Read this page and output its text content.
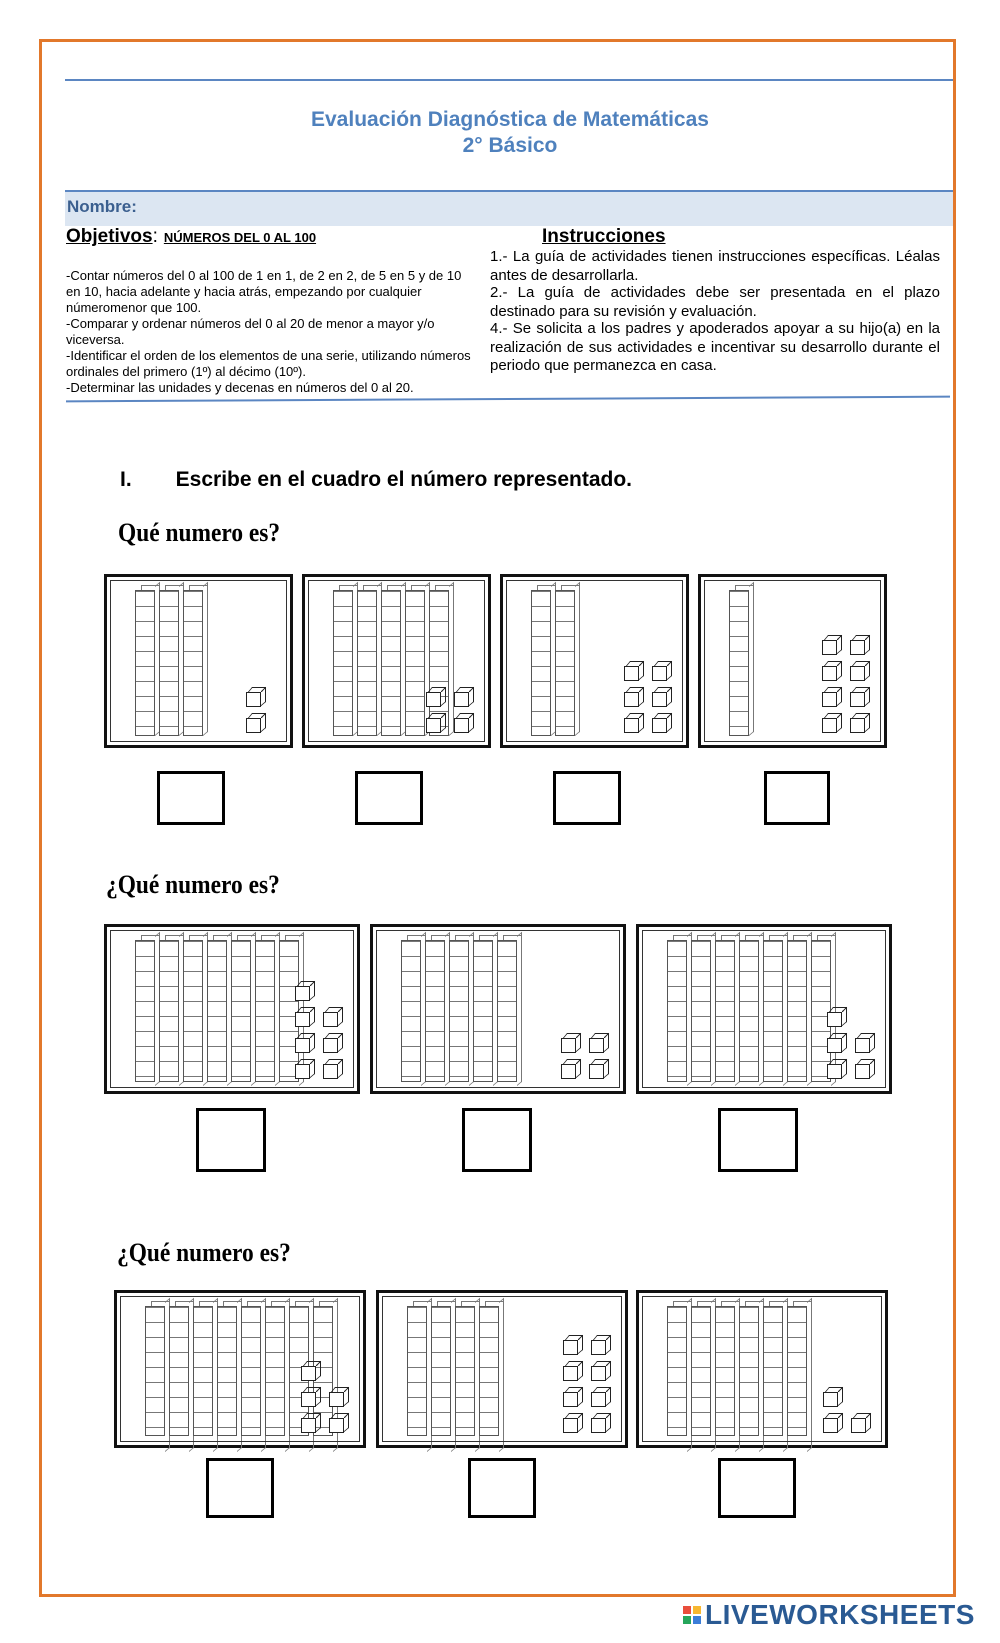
Evaluación Diagnóstica de Matemáticas
2° Básico
Nombre:
Objetivos: NÚMEROS DEL 0 AL 100
-Contar números del 0 al 100 de 1 en 1, de 2 en 2, de 5 en 5 y de 10 en 10, hacia adelante y hacia atrás, empezando por cualquier númeromenor que 100.
-Comparar y ordenar números del 0 al 20 de menor a mayor y/o viceversa.
-Identificar el orden de los elementos de una serie, utilizando números ordinales del primero (1º) al décimo (10º).
-Determinar las unidades y decenas en números del 0 al 20.
Instrucciones
1.- La guía de actividades tienen instrucciones específicas. Léalas antes de desarrollarla.
2.- La guía de actividades debe ser presentada en el plazo destinado para su revisión y evaluación.
4.- Se solicita a los padres y apoderados apoyar a su hijo(a) en la realización de sus actividades e incentivar su desarrollo durante el periodo que permanezca en casa.
I. Escribe en el cuadro el número representado.
Qué numero es?
¿Qué numero es?
¿Qué numero es?
LIVEWORKSHEETS
